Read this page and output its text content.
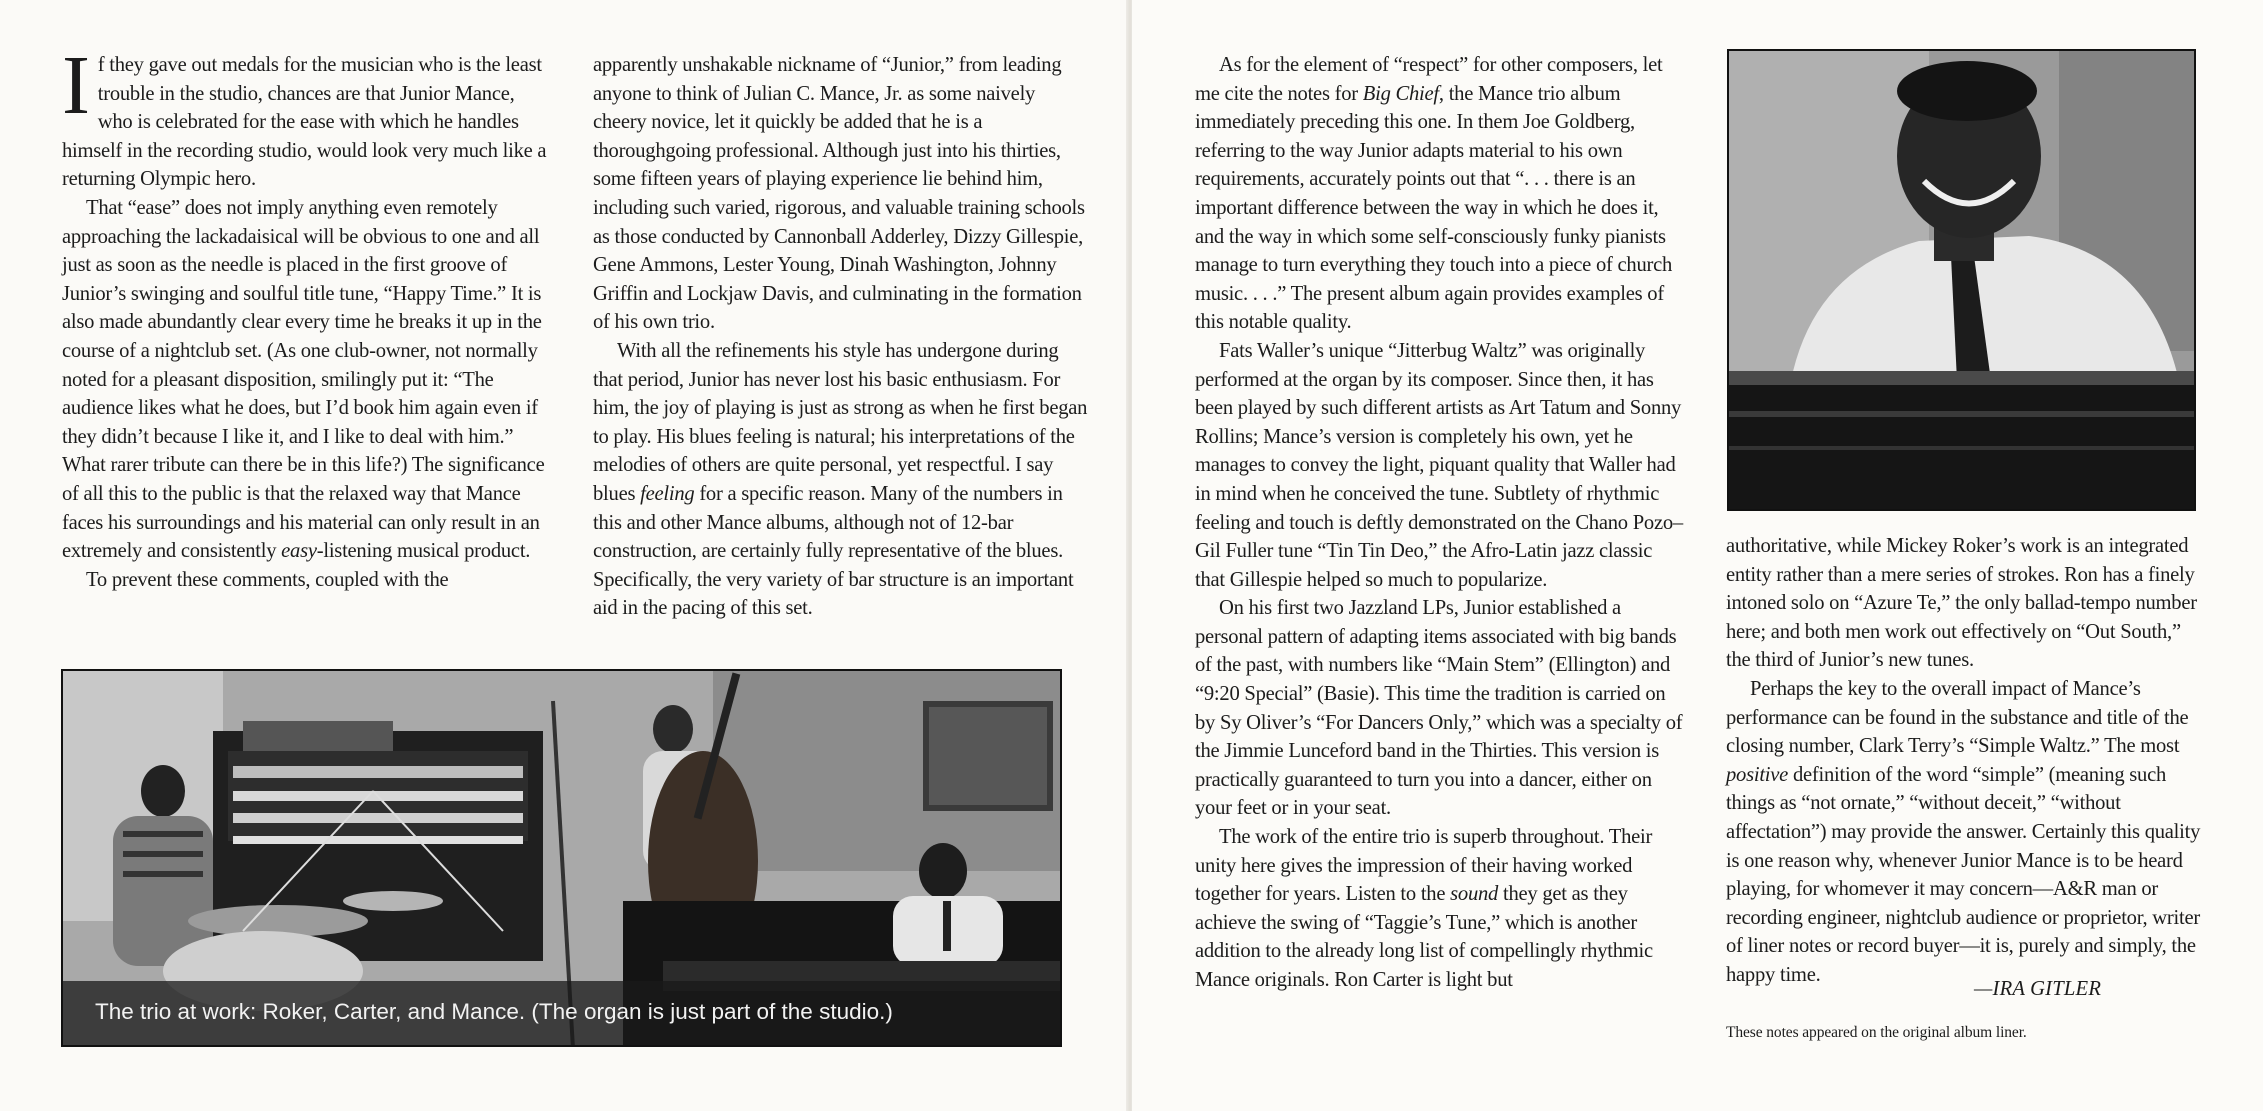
If they gave out medals for the musician who is the least trouble in the studio, chances are that Junior Mance, who is celebrated for the ease with which he handles himself in the recording studio, would look very much like a returning Olympic hero.

That “ease” does not imply anything even remotely approaching the lackadaisical will be obvious to one and all just as soon as the needle is placed in the first groove of Junior’s swinging and soulful title tune, “Happy Time.” It is also made abundantly clear every time he breaks it up in the course of a nightclub set. (As one club-owner, not normally noted for a pleasant disposition, smilingly put it: “The audience likes what he does, but I’d book him again even if they didn’t because I like it, and I like to deal with him.” What rarer tribute can there be in this life?) The significance of all this to the public is that the relaxed way that Mance faces his surroundings and his material can only result in an extremely and consistently easy-listening musical product.

To prevent these comments, coupled with the

apparently unshakable nickname of “Junior,” from leading anyone to think of Julian C. Mance, Jr. as some naively cheery novice, let it quickly be added that he is a thoroughgoing professional. Although just into his thirties, some fifteen years of playing experience lie behind him, including such varied, rigorous, and valuable training schools as those conducted by Cannonball Adderley, Dizzy Gillespie, Gene Ammons, Lester Young, Dinah Washington, Johnny Griffin and Lockjaw Davis, and culminating in the formation of his own trio.

With all the refinements his style has undergone during that period, Junior has never lost his basic enthusiasm. For him, the joy of playing is just as strong as when he first began to play. His blues feeling is natural; his interpretations of the melodies of others are quite personal, yet respectful. I say blues feeling for a specific reason. Many of the numbers in this and other Mance albums, although not of 12-bar construction, are certainly fully representative of the blues. Specifically, the very variety of bar structure is an important aid in the pacing of this set.

The trio at work: Roker, Carter, and Mance. (The organ is just part of the studio.)

As for the element of “respect” for other composers, let me cite the notes for Big Chief, the Mance trio album immediately preceding this one. In them Joe Goldberg, referring to the way Junior adapts material to his own requirements, accurately points out that “. . . there is an important difference between the way in which he does it, and the way in which some self-consciously funky pianists manage to turn everything they touch into a piece of church music. . . .” The present album again provides examples of this notable quality.

Fats Waller’s unique “Jitterbug Waltz” was originally performed at the organ by its composer. Since then, it has been played by such different artists as Art Tatum and Sonny Rollins; Mance’s version is completely his own, yet he manages to convey the light, piquant quality that Waller had in mind when he conceived the tune. Subtlety of rhythmic feeling and touch is deftly demonstrated on the Chano Pozo–Gil Fuller tune “Tin Tin Deo,” the Afro-Latin jazz classic that Gillespie helped so much to popularize.

On his first two Jazzland LPs, Junior established a personal pattern of adapting items associated with big bands of the past, with numbers like “Main Stem” (Ellington) and “9:20 Special” (Basie). This time the tradition is carried on by Sy Oliver’s “For Dancers Only,” which was a specialty of the Jimmie Lunceford band in the Thirties. This version is practically guaranteed to turn you into a dancer, either on your feet or in your seat.

The work of the entire trio is superb throughout. Their unity here gives the impression of their having worked together for years. Listen to the sound they get as they achieve the swing of “Taggie’s Tune,” which is another addition to the already long list of compellingly rhythmic Mance originals. Ron Carter is light but

authoritative, while Mickey Roker’s work is an integrated entity rather than a mere series of strokes. Ron has a finely intoned solo on “Azure Te,” the only ballad-tempo number here; and both men work out effectively on “Out South,” the third of Junior’s new tunes.

Perhaps the key to the overall impact of Mance’s performance can be found in the substance and title of the closing number, Clark Terry’s “Simple Waltz.” The most positive definition of the word “simple” (meaning such things as “not ornate,” “without deceit,” “without affectation”) may provide the answer. Certainly this quality is one reason why, whenever Junior Mance is to be heard playing, for whomever it may concern—A&R man or recording engineer, nightclub audience or proprietor, writer of liner notes or record buyer—it is, purely and simply, the happy time.

—IRA GITLER
These notes appeared on the original album liner.
